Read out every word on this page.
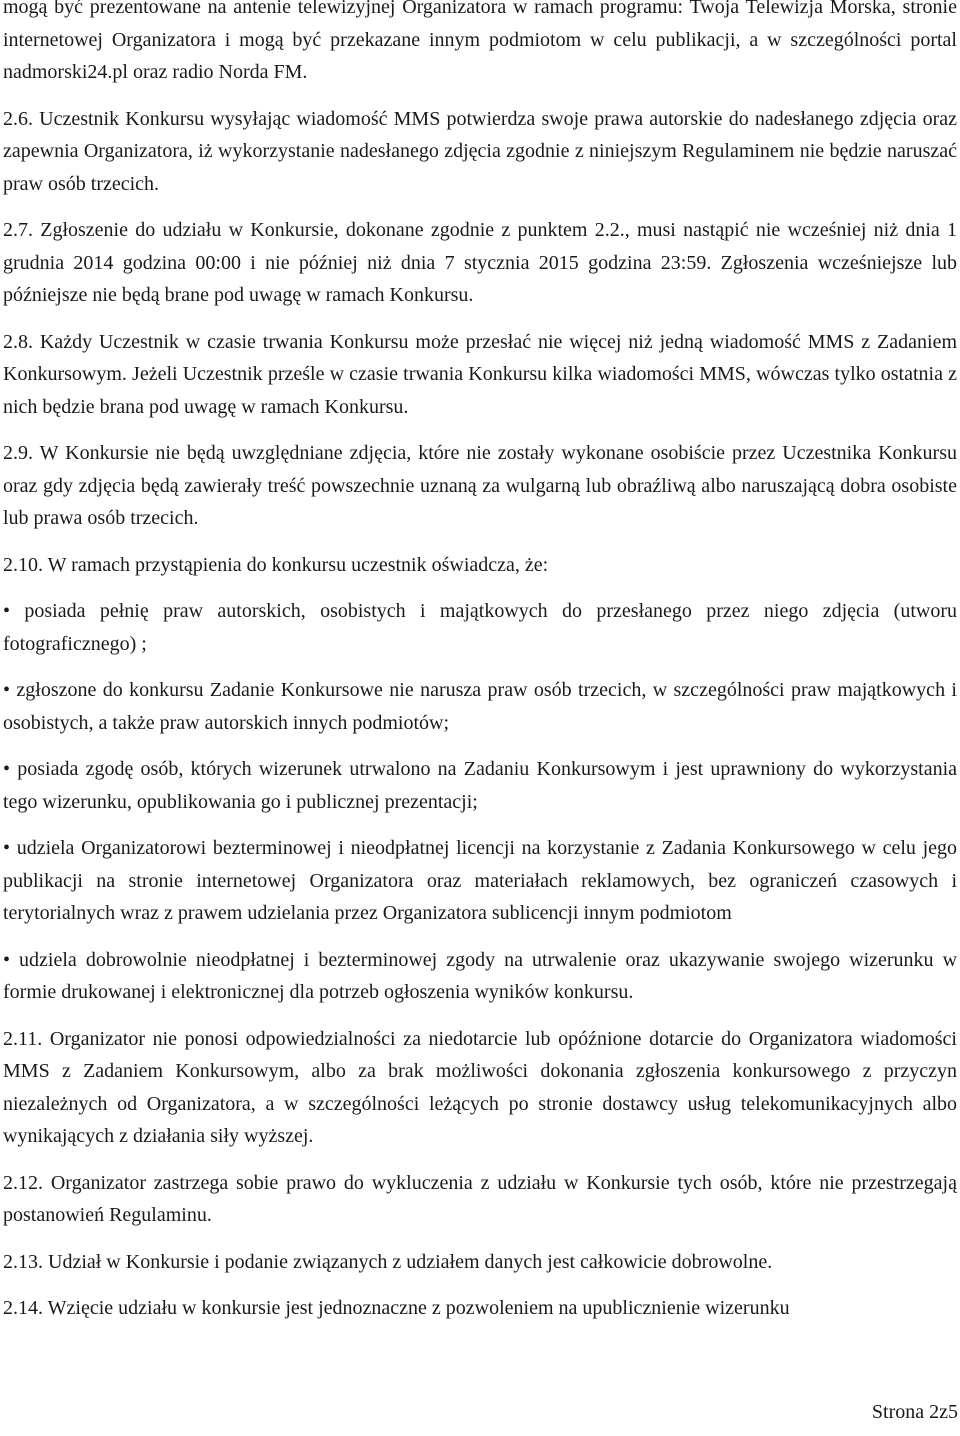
mogą być prezentowane na antenie telewizyjnej Organizatora w ramach programu: Twoja Telewizja Morska, stronie internetowej Organizatora i mogą być przekazane innym podmiotom w celu publikacji, a w szczególności portal nadmorski24.pl oraz radio Norda FM.

2.6. Uczestnik Konkursu wysyłając wiadomość MMS potwierdza swoje prawa autorskie do nadesłanego zdjęcia oraz zapewnia Organizatora, iż wykorzystanie nadesłanego zdjęcia zgodnie z niniejszym Regulaminem nie będzie naruszać praw osób trzecich.

2.7. Zgłoszenie do udziału w Konkursie, dokonane zgodnie z punktem 2.2., musi nastąpić nie wcześniej niż dnia 1 grudnia 2014 godzina 00:00 i nie później niż dnia 7 stycznia 2015 godzina 23:59. Zgłoszenia wcześniejsze lub późniejsze nie będą brane pod uwagę w ramach Konkursu.

2.8. Każdy Uczestnik w czasie trwania Konkursu może przesłać nie więcej niż jedną wiadomość MMS z Zadaniem Konkursowym. Jeżeli Uczestnik prześle w czasie trwania Konkursu kilka wiadomości MMS, wówczas tylko ostatnia z nich będzie brana pod uwagę w ramach Konkursu.

2.9. W Konkursie nie będą uwzględniane zdjęcia, które nie zostały wykonane osobiście przez Uczestnika Konkursu oraz gdy zdjęcia będą zawierały treść powszechnie uznaną za wulgarną lub obraźliwą albo naruszającą dobra osobiste lub prawa osób trzecich.

2.10. W ramach przystąpienia do konkursu uczestnik oświadcza, że:

• posiada pełnię praw autorskich, osobistych i majątkowych do przesłanego przez niego zdjęcia (utworu fotograficznego) ;
• zgłoszone do konkursu Zadanie Konkursowe nie narusza praw osób trzecich, w szczególności praw majątkowych i osobistych, a także praw autorskich innych podmiotów;
• posiada zgodę osób, których wizerunek utrwalono na Zadaniu Konkursowym i jest uprawniony do wykorzystania tego wizerunku, opublikowania go i publicznej prezentacji;
• udziela Organizatorowi bezterminowej i nieodpłatnej licencji na korzystanie z Zadania Konkursowego w celu jego publikacji na stronie internetowej Organizatora oraz materiałach reklamowych, bez ograniczeń czasowych i terytorialnych wraz z prawem udzielania przez Organizatora sublicencji innym podmiotom
• udziela dobrowolnie nieodpłatnej i bezterminowej zgody na utrwalenie oraz ukazywanie swojego wizerunku w formie drukowanej i elektronicznej dla potrzeb ogłoszenia wyników konkursu.

2.11. Organizator nie ponosi odpowiedzialności za niedotarcie lub opóźnione dotarcie do Organizatora wiadomości MMS z Zadaniem Konkursowym, albo za brak możliwości dokonania zgłoszenia konkursowego z przyczyn niezależnych od Organizatora, a w szczególności leżących po stronie dostawcy usług telekomunikacyjnych albo wynikających z działania siły wyższej.

2.12. Organizator zastrzega sobie prawo do wykluczenia z udziału w Konkursie tych osób, które nie przestrzegają postanowień Regulaminu.

2.13. Udział w Konkursie i podanie związanych z udziałem danych jest całkowicie dobrowolne.

2.14. Wzięcie udziału w konkursie jest jednoznaczne z pozwoleniem na upublicznienie wizerunku

Strona 2z5
